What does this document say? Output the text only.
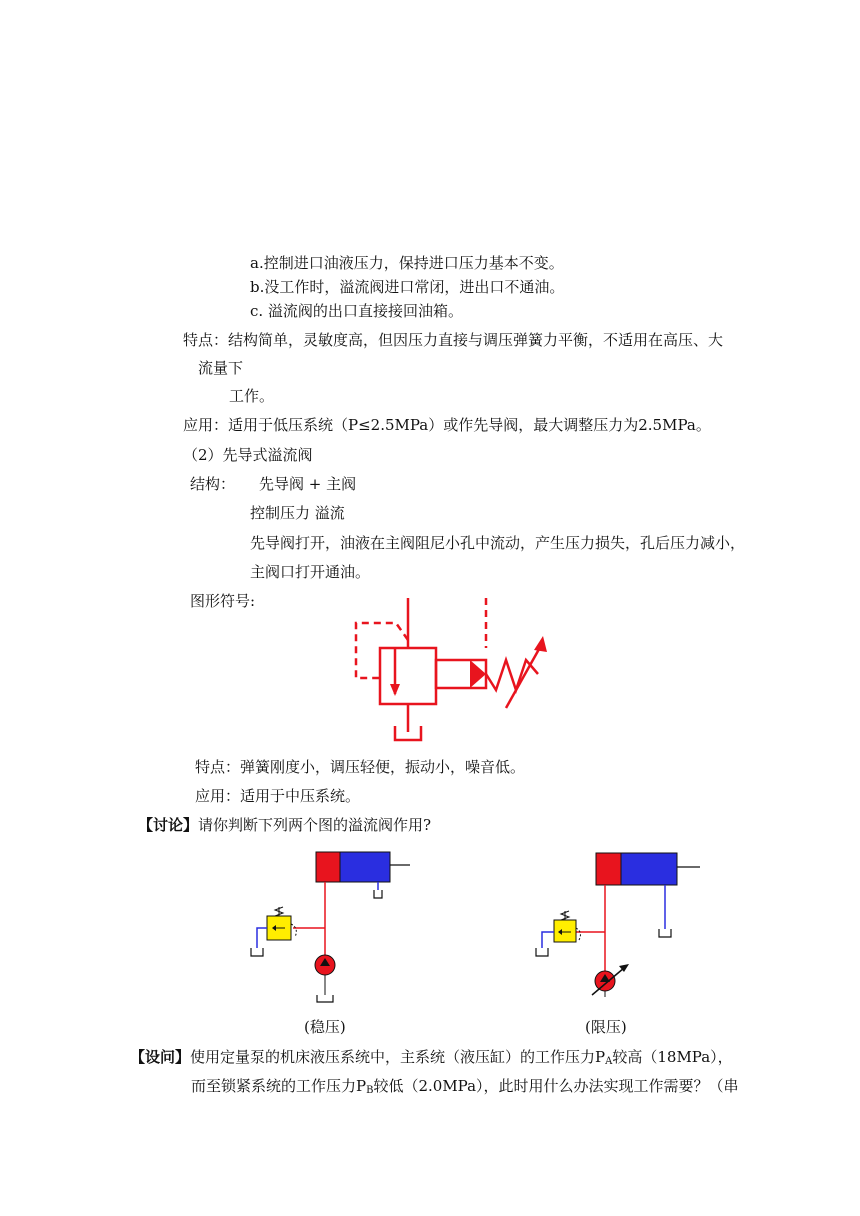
a.控制进口油液压力，保持进口压力基本不变。
b.没工作时，溢流阀进口常闭，进出口不通油。
c. 溢流阀的出口直接接回油箱。
特点：结构简单，灵敏度高，但因压力直接与调压弹簧力平衡，不适用在高压、大
流量下
工作。
应用：适用于低压系统（P≤2.5MPa）或作先导阀，最大调整压力为2.5MPa。
（2）先导式溢流阀
结构： 先导阀 + 主阀
控制压力 溢流
先导阀打开，油液在主阀阻尼小孔中流动，产生压力损失，孔后压力减小，
主阀口打开通油。
图形符号:
特点：弹簧刚度小，调压轻便，振动小，噪音低。
应用：适用于中压系统。
【讨论】请你判断下列两个图的溢流阀作用?
(稳压)	(限压)
【设问】使用定量泵的机床液压系统中，主系统（液压缸）的工作压力$P_A$较高（18MPa），
而至锁紧系统的工作压力$P_B$较低（2.0MPa），此时用什么办法实现工作需要？（串
